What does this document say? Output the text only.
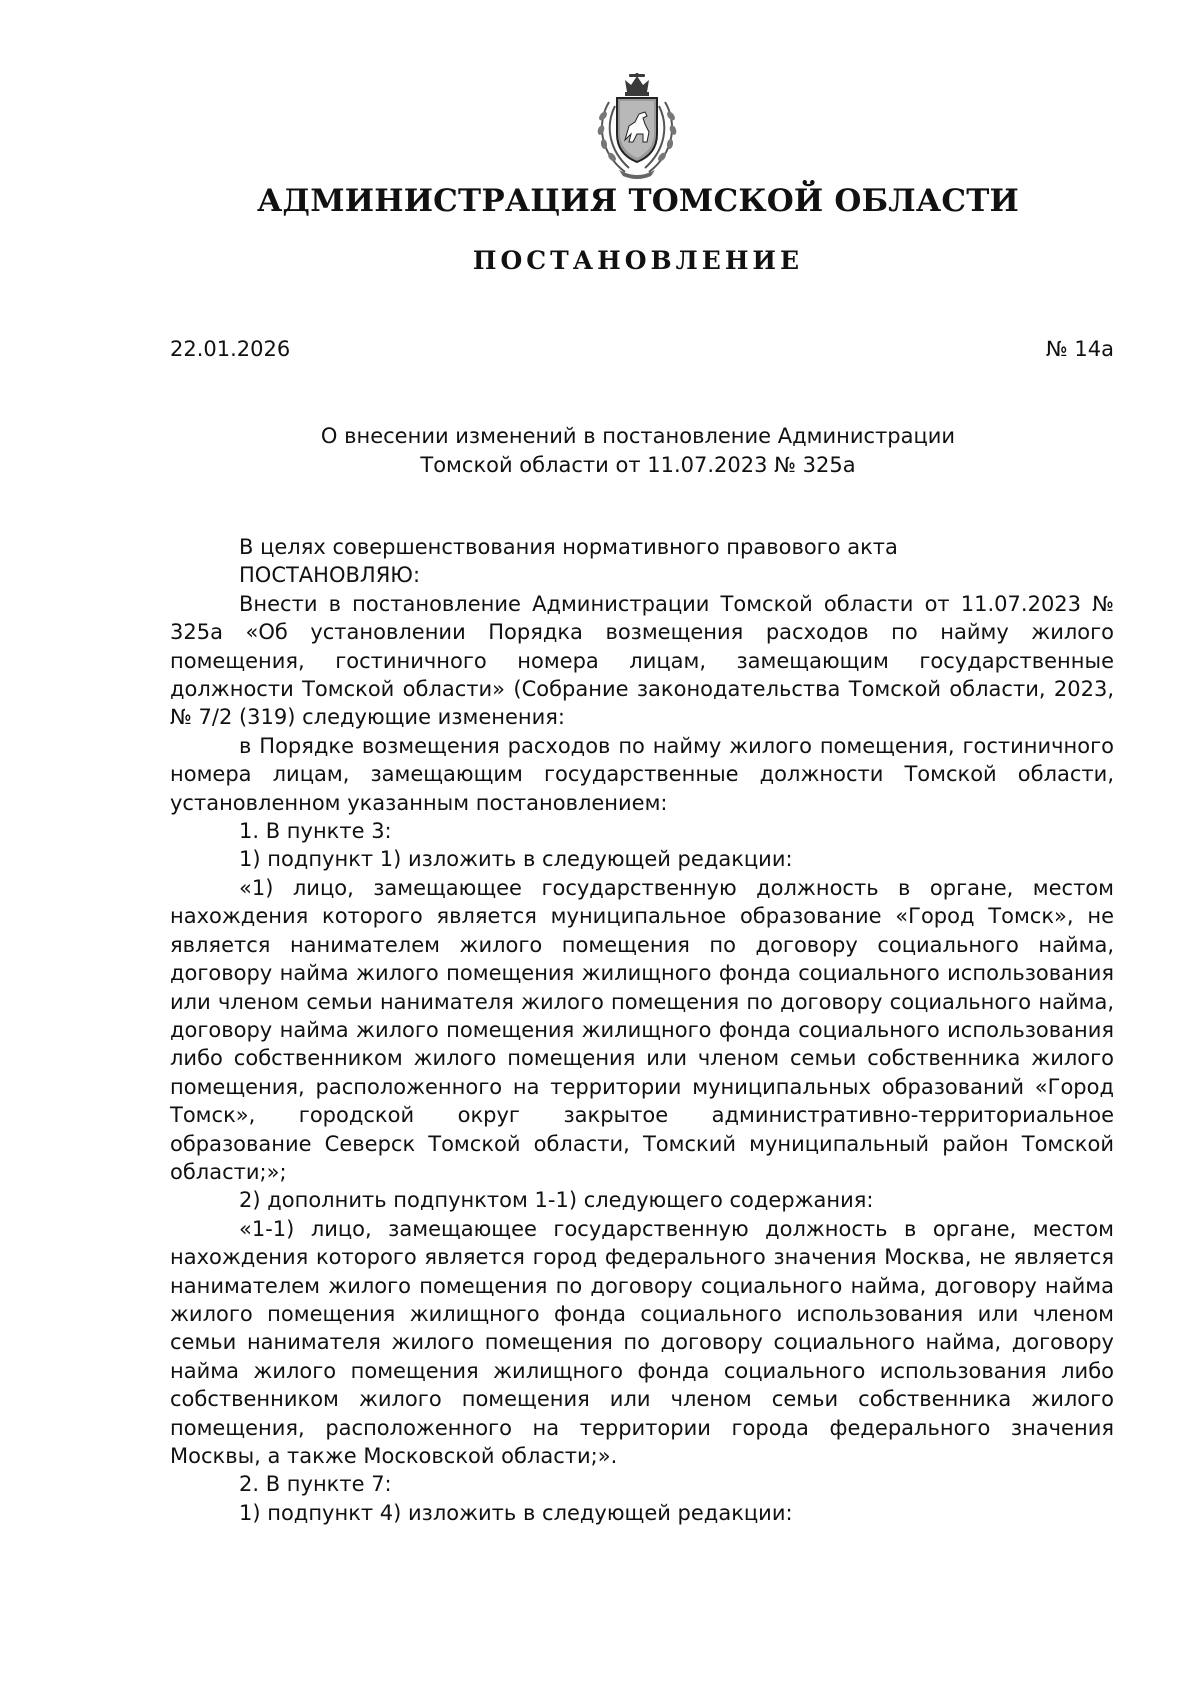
АДМИНИСТРАЦИЯ ТОМСКОЙ ОБЛАСТИ
ПОСТАНОВЛЕНИЕ
22.01.2026	№ 14а
О внесении изменений в постановление Администрации
Томской области от 11.07.2023 № 325а

В целях совершенствования нормативного правового акта

ПОСТАНОВЛЯЮ:

Внести в постановление Администрации Томской области от 11.07.2023 № 325а «Об установлении Порядка возмещения расходов по найму жилого помещения, гостиничного номера лицам, замещающим государственные должности Томской области» (Собрание законодательства Томской области, 2023, № 7/2 (319) следующие изменения:

в Порядке возмещения расходов по найму жилого помещения, гостиничного номера лицам, замещающим государственные должности Томской области, установленном указанным постановлением:

1. В пункте 3:

1) подпункт 1) изложить в следующей редакции:

«1) лицо, замещающее государственную должность в органе, местом нахождения которого является муниципальное образование «Город Томск», не является нанимателем жилого помещения по договору социального найма, договору найма жилого помещения жилищного фонда социального использования или членом семьи нанимателя жилого помещения по договору социального найма, договору найма жилого помещения жилищного фонда социального использования либо собственником жилого помещения или членом семьи собственника жилого помещения, расположенного на территории муниципальных образований «Город Томск», городской округ закрытое административно-территориальное образование Северск Томской области, Томский муниципальный район Томской области;»;

2) дополнить подпунктом 1-1) следующего содержания:

«1-1) лицо, замещающее государственную должность в органе, местом нахождения которого является город федерального значения Москва, не является нанимателем жилого помещения по договору социального найма, договору найма жилого помещения жилищного фонда социального использования или членом семьи нанимателя жилого помещения по договору социального найма, договору найма жилого помещения жилищного фонда социального использования либо собственником жилого помещения или членом семьи собственника жилого помещения, расположенного на территории города федерального значения Москвы, а также Московской области;».

2. В пункте 7:

1) подпункт 4) изложить в следующей редакции:
